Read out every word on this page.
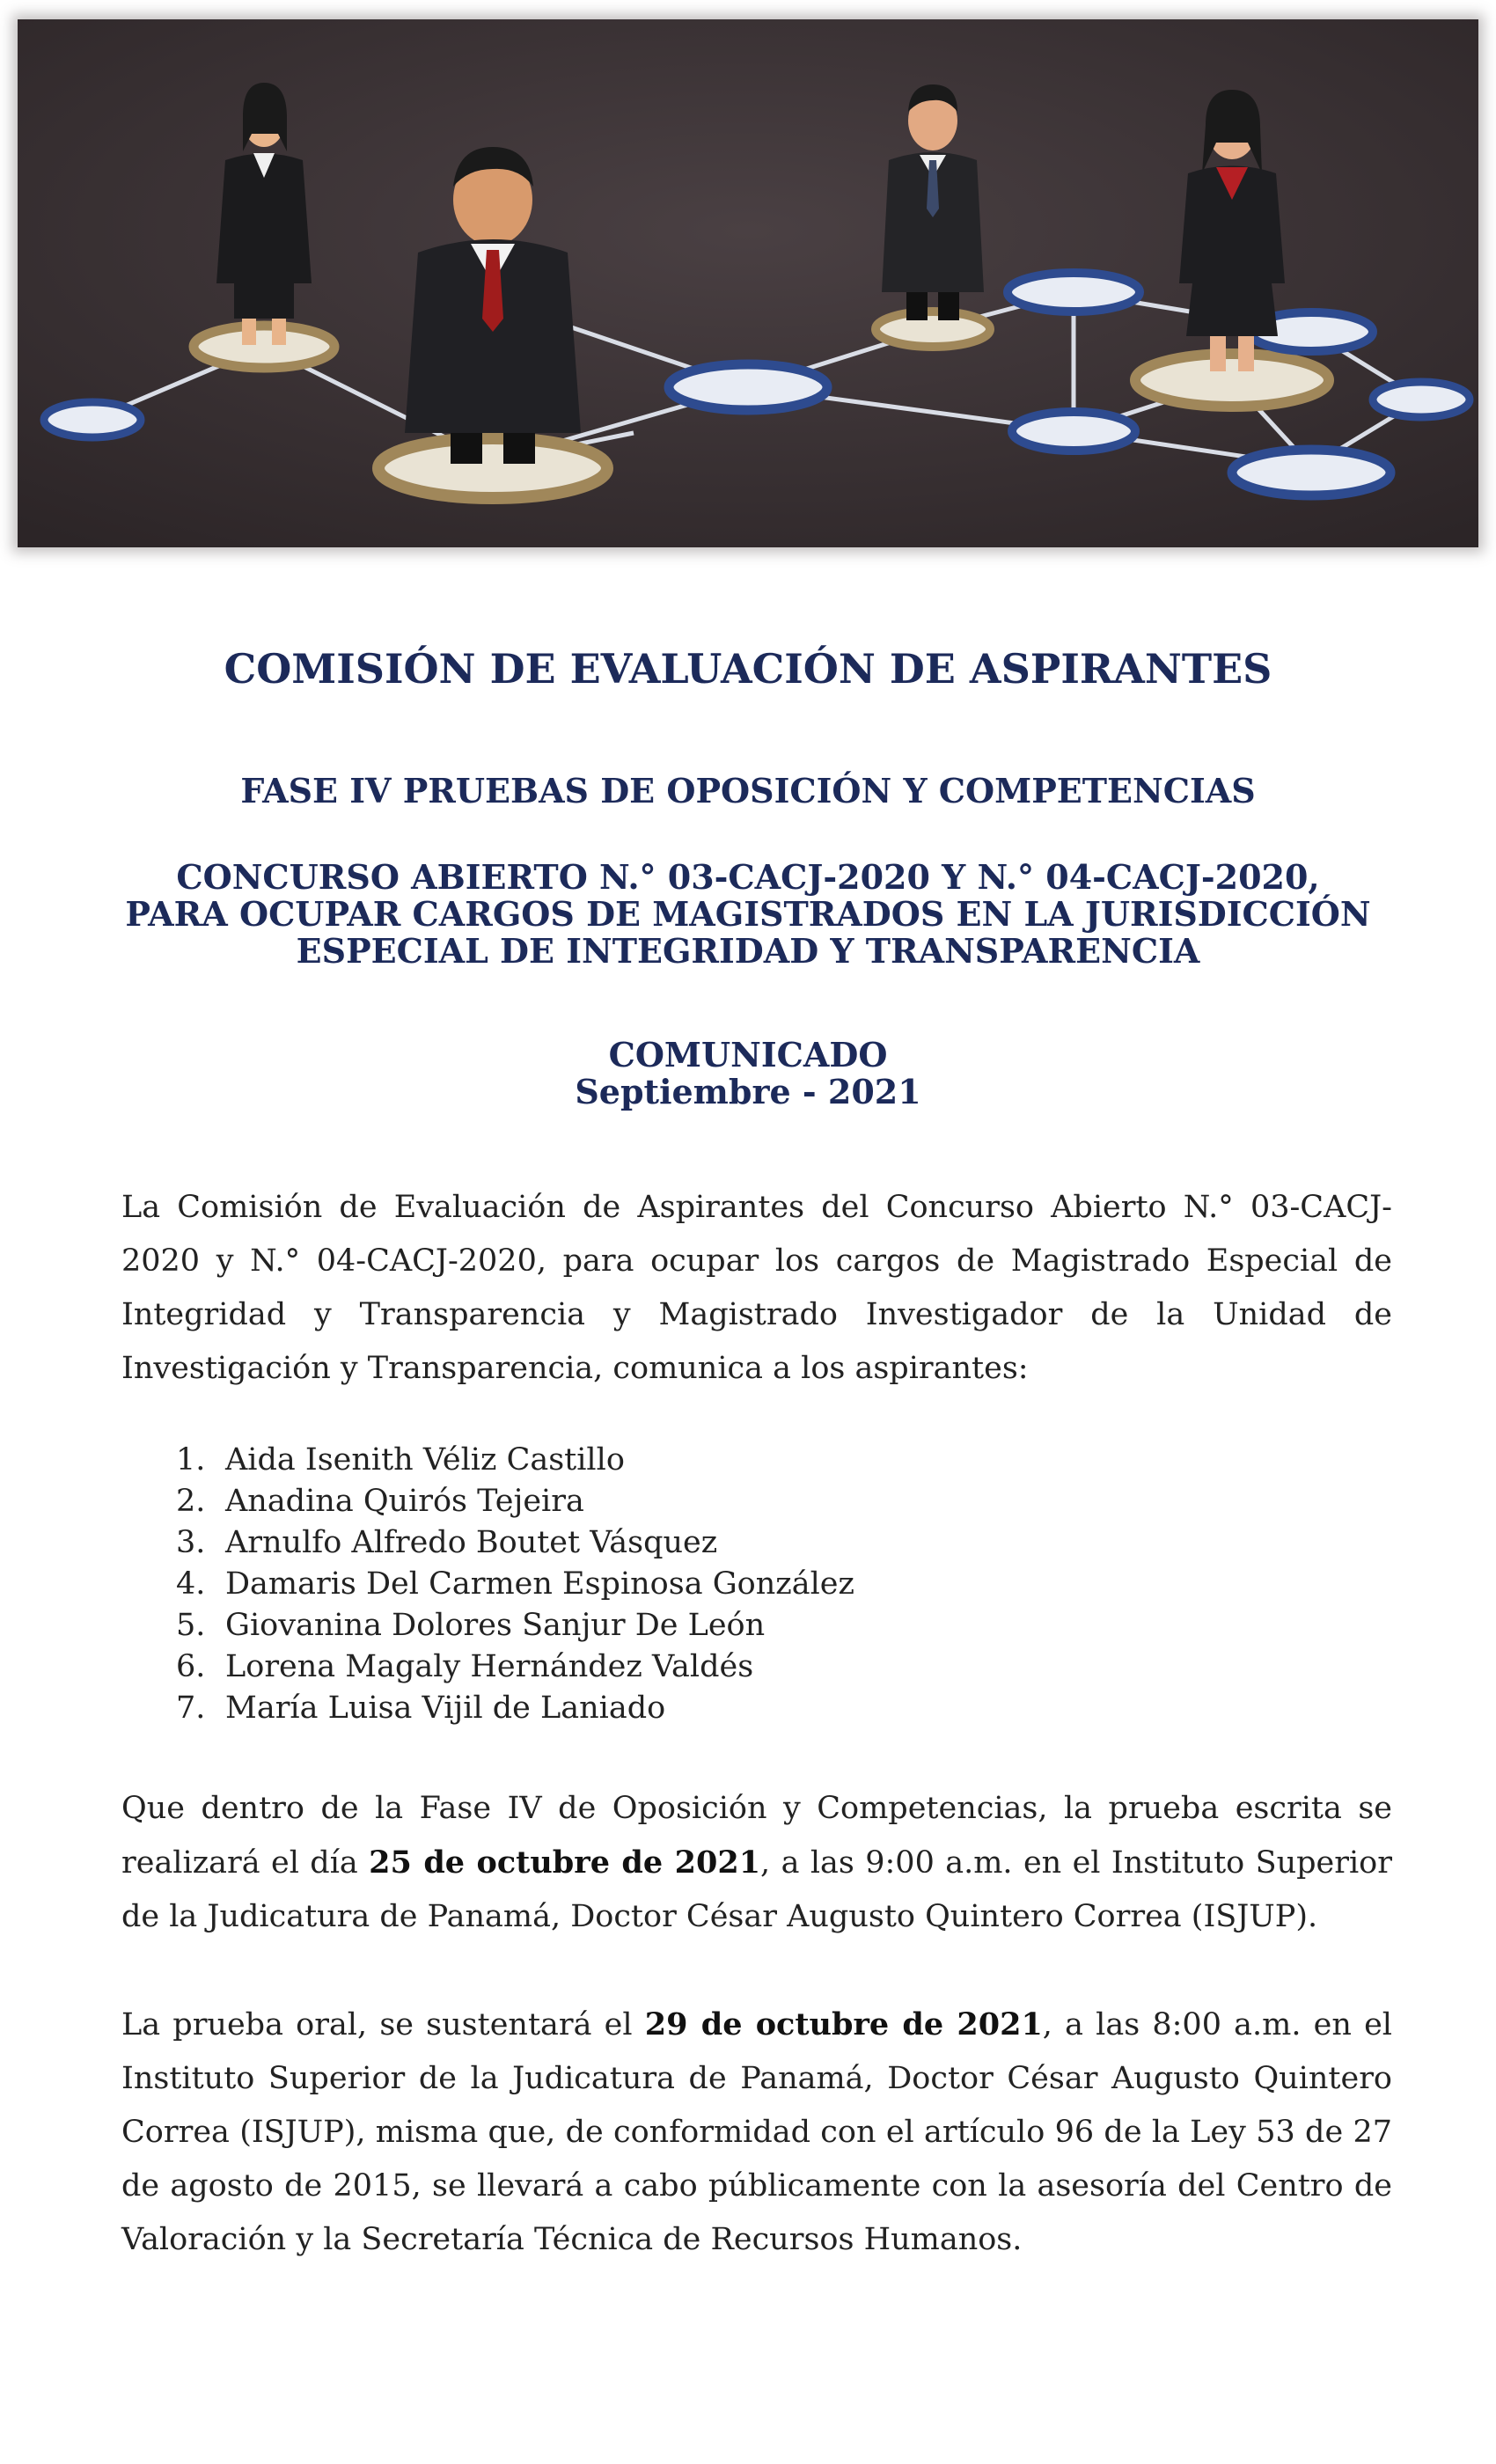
COMISIÓN DE EVALUACIÓN DE ASPIRANTES
FASE IV PRUEBAS DE OPOSICIÓN Y COMPETENCIAS
CONCURSO ABIERTO N.° 03-CACJ-2020 Y N.° 04-CACJ-2020,
PARA OCUPAR CARGOS DE MAGISTRADOS EN LA JURISDICCIÓN
ESPECIAL DE INTEGRIDAD Y TRANSPARENCIA
COMUNICADO
Septiembre - 2021
La Comisión de Evaluación de Aspirantes del Concurso Abierto N.° 03-CACJ-2020 y N.° 04-CACJ-2020, para ocupar los cargos de Magistrado Especial de Integridad y Transparencia y Magistrado Investigador de la Unidad de Investigación y Transparencia, comunica a los aspirantes:
1. Aida Isenith Véliz Castillo
2. Anadina Quirós Tejeira
3. Arnulfo Alfredo Boutet Vásquez
4. Damaris Del Carmen Espinosa González
5. Giovanina Dolores Sanjur De León
6. Lorena Magaly Hernández Valdés
7. María Luisa Vijil de Laniado
Que dentro de la Fase IV de Oposición y Competencias, la prueba escrita se realizará el día 25 de octubre de 2021, a las 9:00 a.m. en el Instituto Superior de la Judicatura de Panamá, Doctor César Augusto Quintero Correa (ISJUP).
La prueba oral, se sustentará el 29 de octubre de 2021, a las 8:00 a.m. en el Instituto Superior de la Judicatura de Panamá, Doctor César Augusto Quintero Correa (ISJUP), misma que, de conformidad con el artículo 96 de la Ley 53 de 27 de agosto de 2015, se llevará a cabo públicamente con la asesoría del Centro de Valoración y la Secretaría Técnica de Recursos Humanos.
